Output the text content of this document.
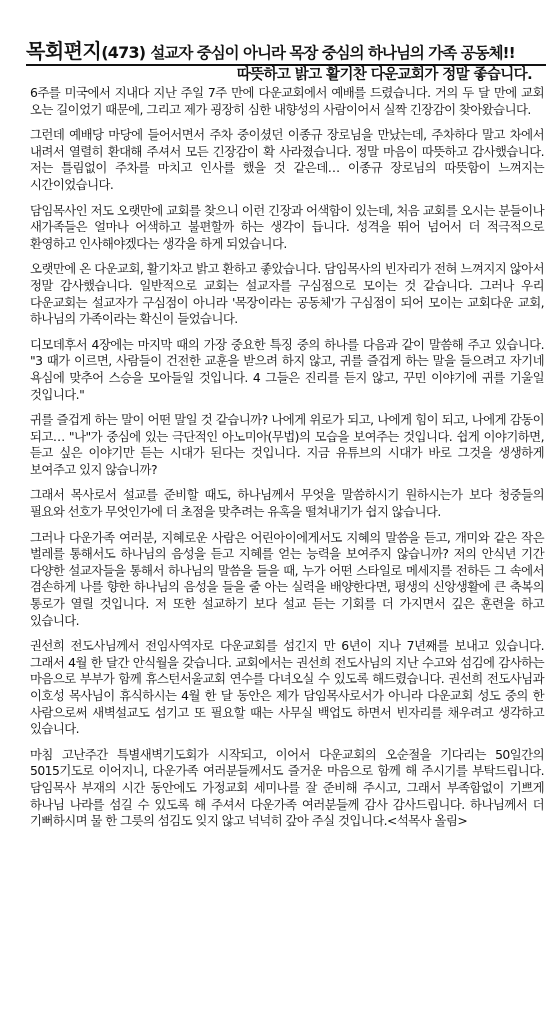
목회편지(473) 설교자 중심이 아니라 목장 중심의 하나님의 가족 공동체!!
따뜻하고 밝고 활기찬 다운교회가 정말 좋습니다.

6주를 미국에서 지내다 지난 주일 7주 만에 다운교회에서 예배를 드렸습니다. 거의 두 달 만에 교회 오는 길이었기 때문에, 그리고 제가 굉장히 심한 내향성의 사람이어서 실짝 긴장감이 찾아왔습니다.

그런데 예배당 마당에 들어서면서 주차 중이셨던 이종규 장로님을 만났는데, 주차하다 말고 차에서 내려서 열렬히 환대해 주셔서 모든 긴장감이 확 사라졌습니다. 정말 마음이 따뜻하고 감사했습니다. 저는 틀림없이 주차를 마치고 인사를 했을 것 같은데… 이종규 장로님의 따뜻함이 느껴지는 시간이었습니다.

담임목사인 저도 오랫만에 교회를 찾으니 이런 긴장과 어색함이 있는데, 처음 교회를 오시는 분들이나 새가족들은 얼마나 어색하고 불편할까 하는 생각이 듭니다. 성격을 뛰어 넘어서 더 적극적으로 환영하고 인사해야겠다는 생각을 하게 되었습니다.

오랫만에 온 다운교회, 활기차고 밝고 환하고 좋았습니다. 담임목사의 빈자리가 전혀 느껴지지 않아서 정말 감사했습니다. 일반적으로 교회는 설교자를 구심점으로 모이는 것 같습니다. 그러나 우리 다운교회는 설교자가 구심점이 아니라 '목장이라는 공동체'가 구심점이 되어 모이는 교회다운 교회, 하나님의 가족이라는 확신이 들었습니다.

디모데후서 4장에는 마지막 때의 가장 중요한 특징 중의 하나를 다음과 같이 말씀해 주고 있습니다. "3 때가 이르면, 사람들이 건전한 교훈을 받으려 하지 않고, 귀를 즐겁게 하는 말을 들으려고 자기네 욕심에 맞추어 스승을 모아들일 것입니다. 4 그들은 진리를 듣지 않고, 꾸민 이야기에 귀를 기울일 것입니다."

귀를 즐겁게 하는 말이 어떤 말일 것 같습니까? 나에게 위로가 되고, 나에게 힘이 되고, 나에게 감동이 되고… "나"가 중심에 있는 극단적인 아노미아(무법)의 모습을 보여주는 것입니다. 쉽게 이야기하면, 듣고 싶은 이야기만 듣는 시대가 된다는 것입니다. 지금 유튜브의 시대가 바로 그것을 생생하게 보여주고 있지 않습니까?

그래서 목사로서 설교를 준비할 때도, 하나님께서 무엇을 말씀하시기 원하시는가 보다 청중들의 필요와 선호가 무엇인가에 더 초점을 맞추려는 유혹을 떨쳐내기가 쉽지 않습니다.

그러나 다운가족 여러분, 지혜로운 사람은 어린아이에게서도 지혜의 말씀을 듣고, 개미와 같은 작은 벌레를 통해서도 하나님의 음성을 듣고 지혜를 얻는 능력을 보여주지 않습니까? 저의 안식년 기간 다양한 설교자들을 통해서 하나님의 말씀을 들을 때, 누가 어떤 스타일로 메세지를 전하든 그 속에서 겸손하게 나를 향한 하나님의 음성을 들을 줄 아는 실력을 배양한다면, 평생의 신앙생활에 큰 축복의 통로가 열릴 것입니다. 저 또한 설교하기 보다 설교 듣는 기회를 더 가지면서 깊은 훈련을 하고 있습니다.

권선희 전도사님께서 전임사역자로 다운교회를 섬긴지 만 6년이 지나 7년째를 보내고 있습니다. 그래서 4월 한 달간 안식월을 갖습니다. 교회에서는 권선희 전도사님의 지난 수고와 섬김에 감사하는 마음으로 부부가 함께 휴스턴서울교회 연수를 다녀오실 수 있도록 해드렸습니다. 권선희 전도사님과 이호성 목사님이 휴식하시는 4월 한 달 동안은 제가 담임목사로서가 아니라 다운교회 성도 중의 한 사람으로써 새벽설교도 섬기고 또 필요할 때는 사무실 백업도 하면서 빈자리를 채우려고 생각하고 있습니다.

마침 고난주간 특별새벽기도회가 시작되고, 이어서 다운교회의 오순절을 기다리는 50일간의 5015기도로 이어지니, 다운가족 여러분들께서도 즐거운 마음으로 함께 해 주시기를 부탁드립니다. 담임목사 부재의 시간 동안에도 가정교회 세미나를 잘 준비해 주시고, 그래서 부족함없이 기쁘게 하나님 나라를 섬길 수 있도록 해 주셔서 다운가족 여러분들께 감사 감사드립니다. 하나님께서 더 기뻐하시며 물 한 그릇의 섬김도 잊지 않고 넉넉히 갚아 주실 것입니다.<석목사 올림>
